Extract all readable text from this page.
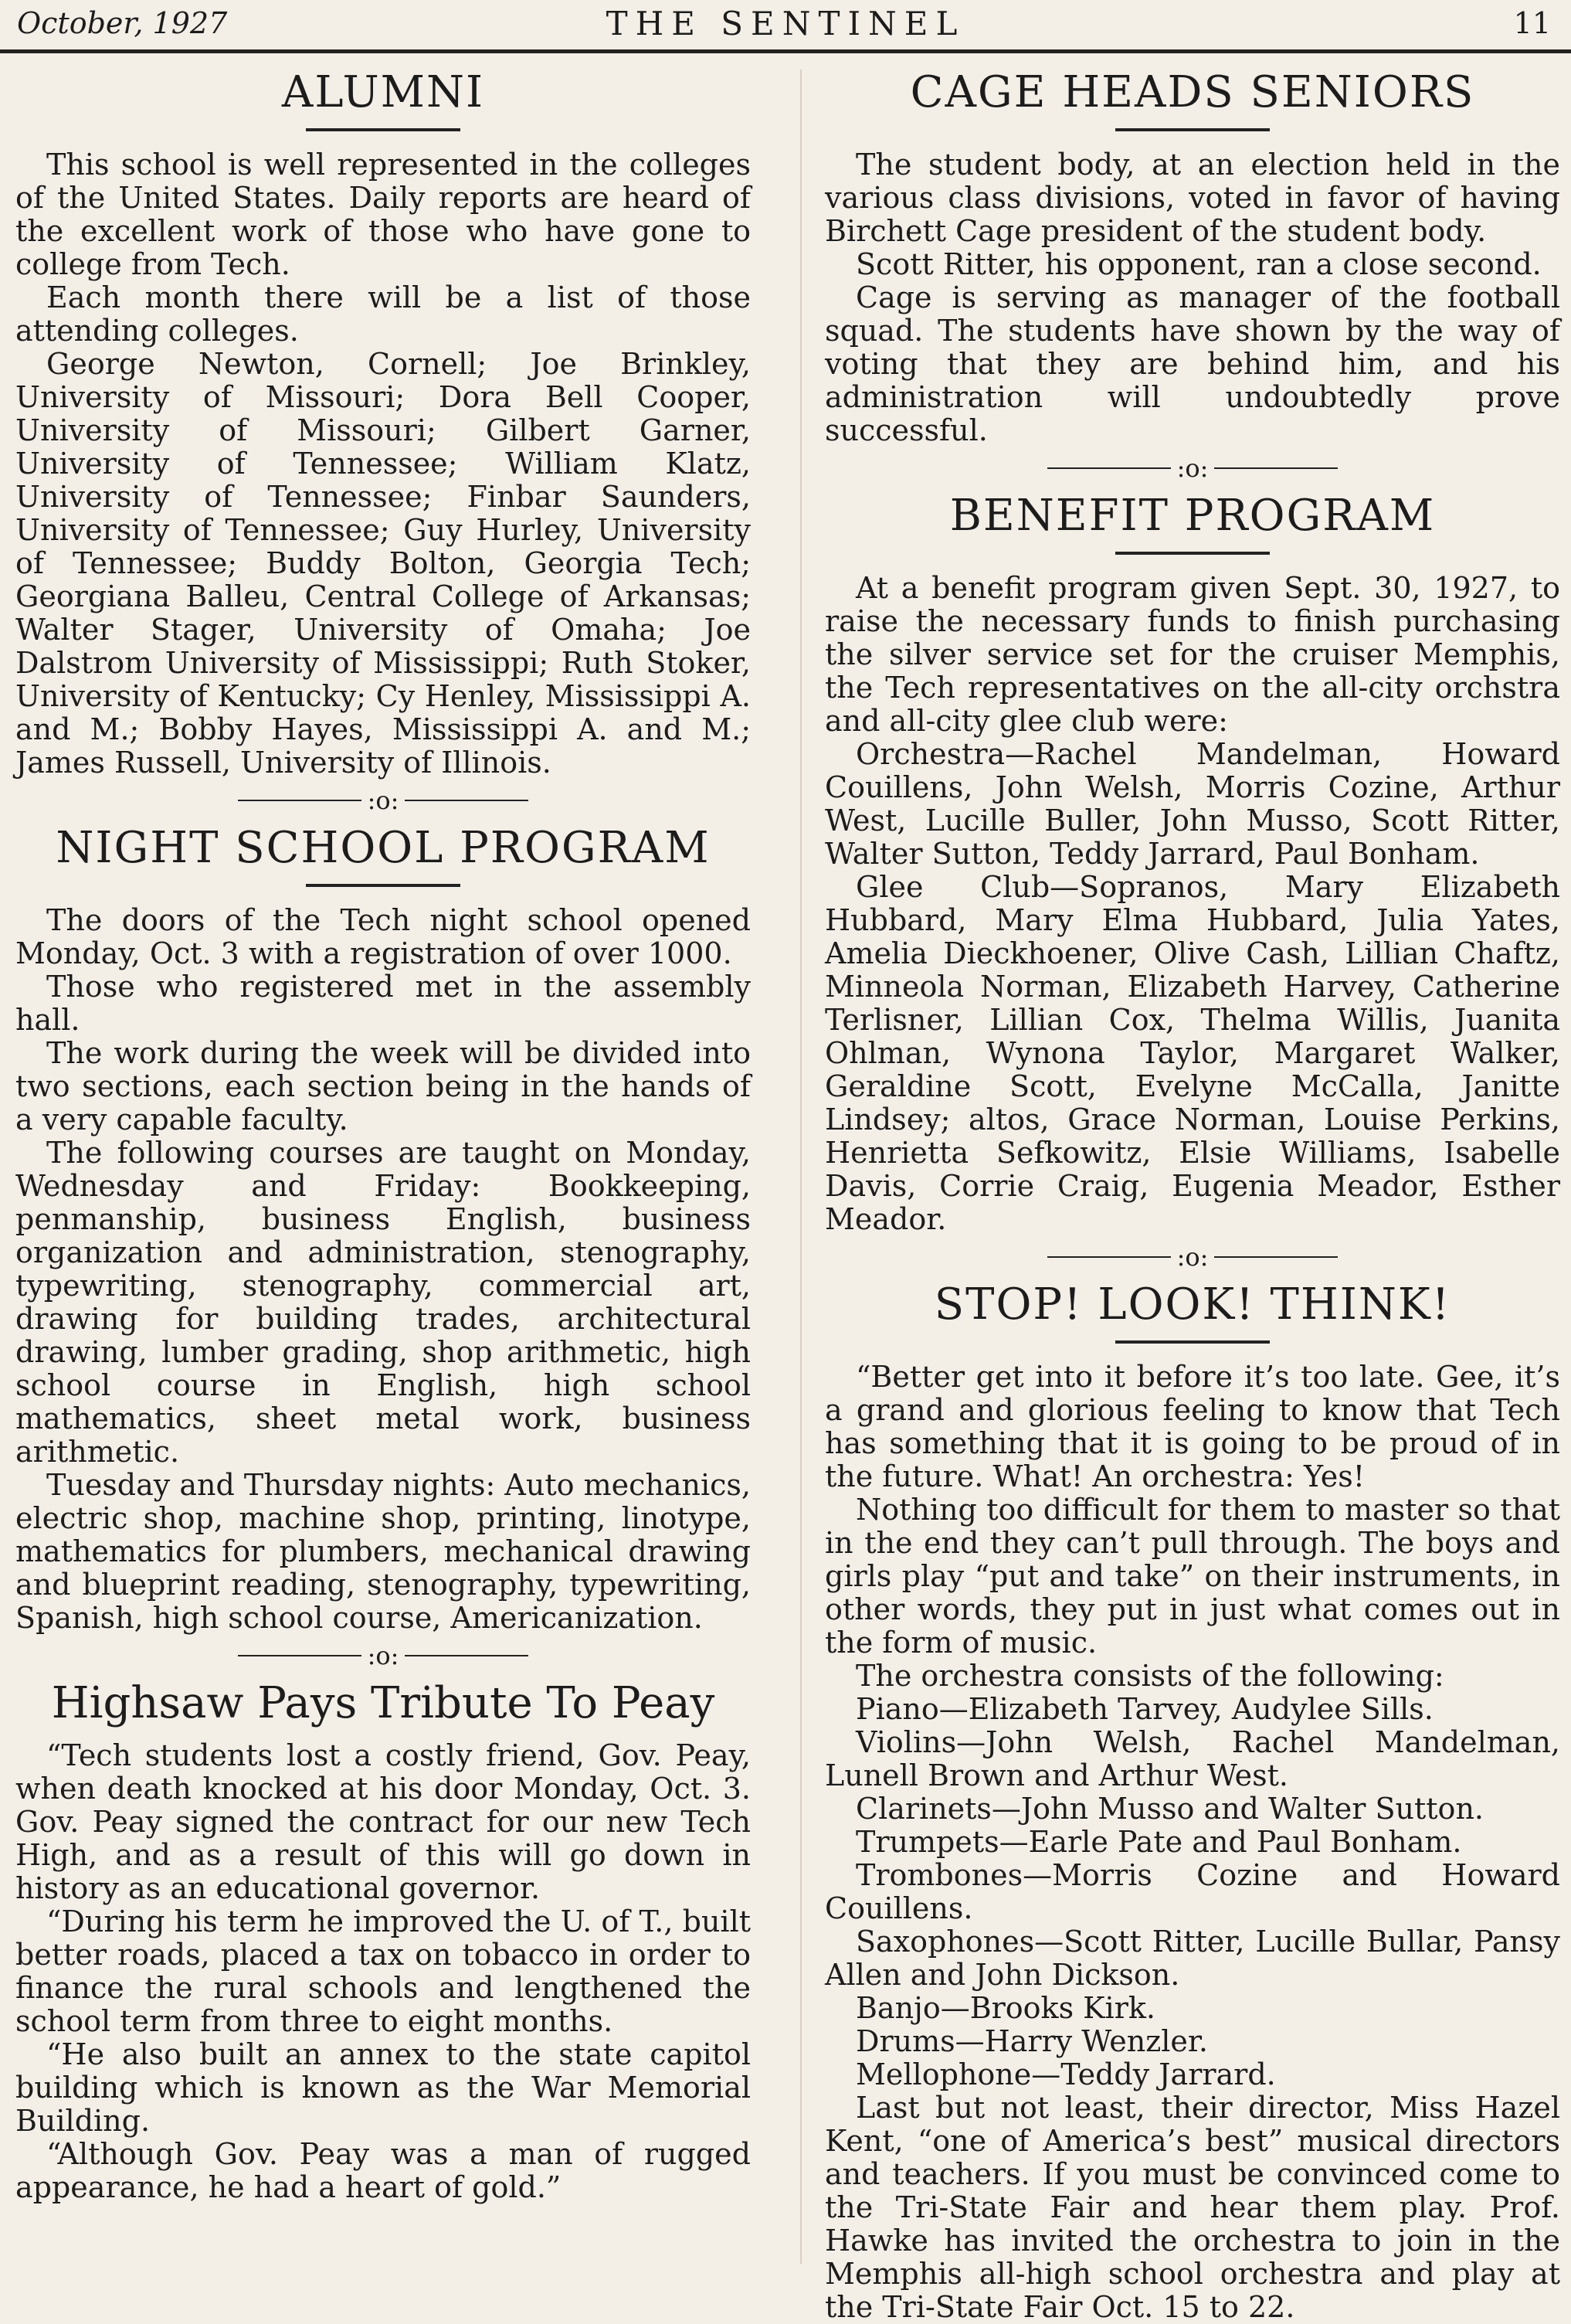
October, 1927	THE SENTINEL	11
ALUMNI

This school is well represented in the colleges of the United States. Daily reports are heard of the excellent work of those who have gone to college from Tech.

Each month there will be a list of those attending colleges.

George Newton, Cornell; Joe Brinkley, University of Missouri; Dora Bell Cooper, University of Missouri; Gilbert Garner, University of Tennessee; William Klatz, University of Tennessee; Finbar Saunders, University of Tennessee; Guy Hurley, University of Tennessee; Buddy Bolton, Georgia Tech; Georgiana Balleu, Central College of Arkansas; Walter Stager, University of Omaha; Joe Dalstrom University of Mississippi; Ruth Stoker, University of Kentucky; Cy Henley, Mississippi A. and M.; Bobby Hayes, Mississippi A. and M.; James Russell, University of Illinois.

:o:
NIGHT SCHOOL PROGRAM

The doors of the Tech night school opened Monday, Oct. 3 with a registration of over 1000.

Those who registered met in the assembly hall.

The work during the week will be divided into two sections, each section being in the hands of a very capable faculty.

The following courses are taught on Monday, Wednesday and Friday: Bookkeeping, penmanship, business English, business organization and administration, stenography, typewriting, stenography, commercial art, drawing for building trades, architectural drawing, lumber grading, shop arithmetic, high school course in English, high school mathematics, sheet metal work, business arithmetic.

Tuesday and Thursday nights: Auto mechanics, electric shop, machine shop, printing, linotype, mathematics for plumbers, mechanical drawing and blueprint reading, stenography, typewriting, Spanish, high school course, Americanization.

:o:
Highsaw Pays Tribute To Peay

“Tech students lost a costly friend, Gov. Peay, when death knocked at his door Monday, Oct. 3. Gov. Peay signed the contract for our new Tech High, and as a result of this will go down in history as an educational governor.

“During his term he improved the U. of T., built better roads, placed a tax on tobacco in order to finance the rural schools and lengthened the school term from three to eight months.

“He also built an annex to the state capitol building which is known as the War Memorial Building.

“Although Gov. Peay was a man of rugged appearance, he had a heart of gold.”

CAGE HEADS SENIORS

The student body, at an election held in the various class divisions, voted in favor of having Birchett Cage president of the student body.

Scott Ritter, his opponent, ran a close second.

Cage is serving as manager of the football squad. The students have shown by the way of voting that they are behind him, and his administration will undoubtedly prove successful.

:o:
BENEFIT PROGRAM

At a benefit program given Sept. 30, 1927, to raise the necessary funds to finish purchasing the silver service set for the cruiser Memphis, the Tech representatives on the all-city orchstra and all-city glee club were:

Orchestra—Rachel Mandelman, Howard Couillens, John Welsh, Morris Cozine, Arthur West, Lucille Buller, John Musso, Scott Ritter, Walter Sutton, Teddy Jarrard, Paul Bonham.

Glee Club—Sopranos, Mary Elizabeth Hubbard, Mary Elma Hubbard, Julia Yates, Amelia Dieckhoener, Olive Cash, Lillian Chaftz, Minneola Norman, Elizabeth Harvey, Catherine Terlisner, Lillian Cox, Thelma Willis, Juanita Ohlman, Wynona Taylor, Margaret Walker, Geraldine Scott, Evelyne McCalla, Janitte Lindsey; altos, Grace Norman, Louise Perkins, Henrietta Sefkowitz, Elsie Williams, Isabelle Davis, Corrie Craig, Eugenia Meador, Esther Meador.

:o:
STOP! LOOK! THINK!

“Better get into it before it’s too late. Gee, it’s a grand and glorious feeling to know that Tech has something that it is going to be proud of in the future. What! An orchestra: Yes!

Nothing too difficult for them to master so that in the end they can’t pull through. The boys and girls play “put and take” on their instruments, in other words, they put in just what comes out in the form of music.

The orchestra consists of the following:

Piano—Elizabeth Tarvey, Audylee Sills.

Violins—John Welsh, Rachel Mandelman, Lunell Brown and Arthur West.

Clarinets—John Musso and Walter Sutton.

Trumpets—Earle Pate and Paul Bonham.

Trombones—Morris Cozine and Howard Couillens.

Saxophones—Scott Ritter, Lucille Bullar, Pansy Allen and John Dickson.

Banjo—Brooks Kirk.

Drums—Harry Wenzler.

Mellophone—Teddy Jarrard.

Last but not least, their director, Miss Hazel Kent, “one of America’s best” musical directors and teachers. If you must be convinced come to the Tri-State Fair and hear them play. Prof. Hawke has invited the orchestra to join in the Memphis all-high school orchestra and play at the Tri-State Fair Oct. 15 to 22.
